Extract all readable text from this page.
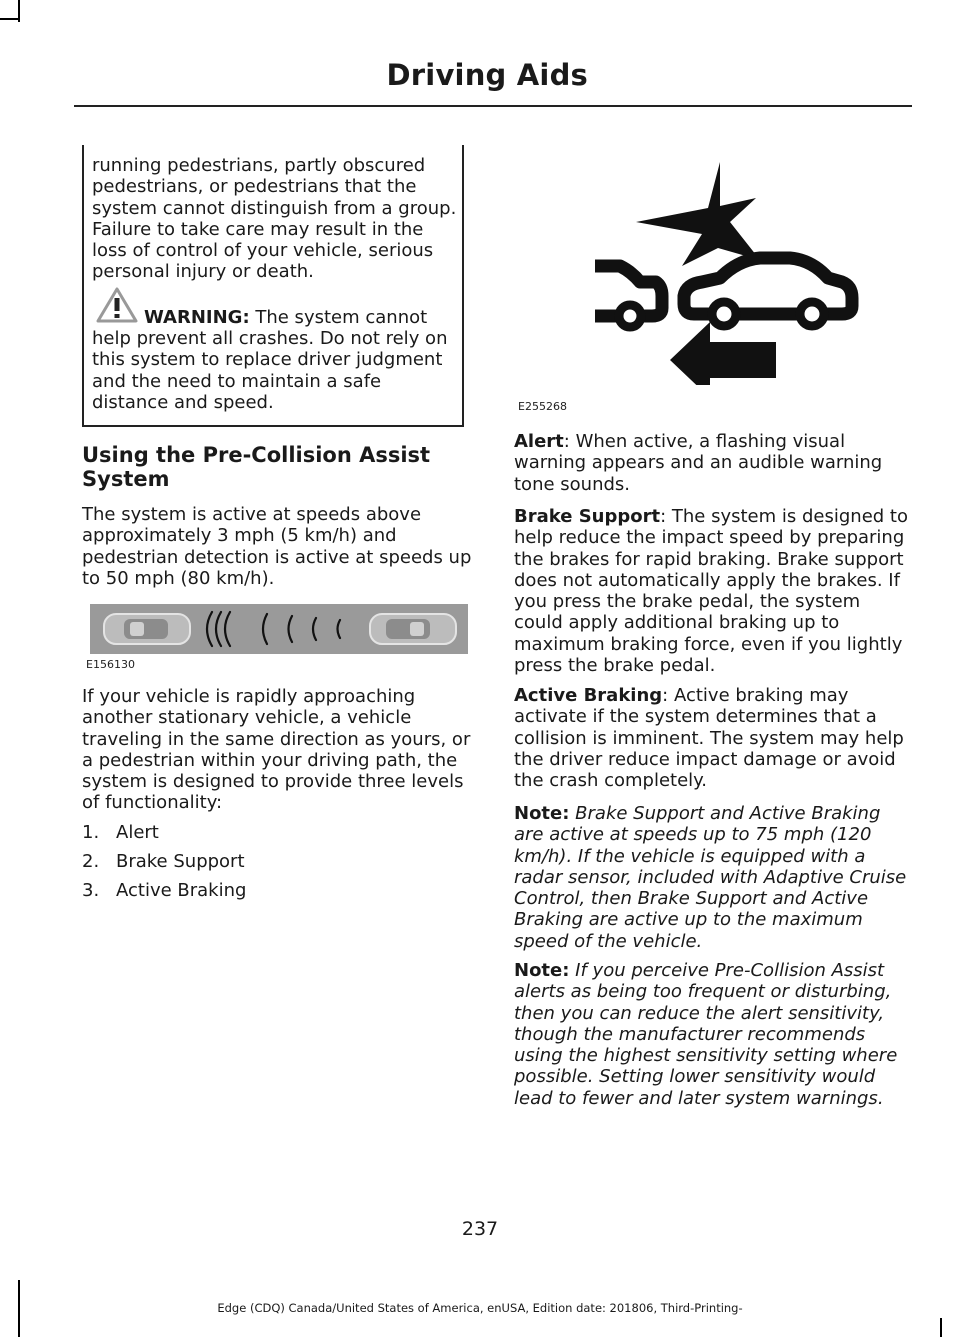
Driving Aids

running pedestrians, partly obscured pedestrians, or pedestrians that the system cannot distinguish from a group. Failure to take care may result in the loss of control of your vehicle, serious personal injury or death.

WARNING: The system cannot help prevent all crashes. Do not rely on this system to replace driver judgment and the need to maintain a safe distance and speed.

Using the Pre-Collision Assist System

The system is active at speeds above approximately 3 mph (5 km/h) and pedestrian detection is active at speeds up to 50 mph (80 km/h).

E156130

If your vehicle is rapidly approaching another stationary vehicle, a vehicle traveling in the same direction as yours, or a pedestrian within your driving path, the system is designed to provide three levels of functionality:

1. Alert
2. Brake Support
3. Active Braking
E255268

Alert: When active, a flashing visual warning appears and an audible warning tone sounds.

Brake Support: The system is designed to help reduce the impact speed by preparing the brakes for rapid braking. Brake support does not automatically apply the brakes. If you press the brake pedal, the system could apply additional braking up to maximum braking force, even if you lightly press the brake pedal.

Active Braking: Active braking may activate if the system determines that a collision is imminent. The system may help the driver reduce impact damage or avoid the crash completely.

Note: Brake Support and Active Braking are active at speeds up to 75 mph (120 km/h). If the vehicle is equipped with a radar sensor, included with Adaptive Cruise Control, then Brake Support and Active Braking are active up to the maximum speed of the vehicle.

Note: If you perceive Pre-Collision Assist alerts as being too frequent or disturbing, then you can reduce the alert sensitivity, though the manufacturer recommends using the highest sensitivity setting where possible. Setting lower sensitivity would lead to fewer and later system warnings.

237
Edge (CDQ) Canada/United States of America, enUSA, Edition date: 201806, Third-Printing-
